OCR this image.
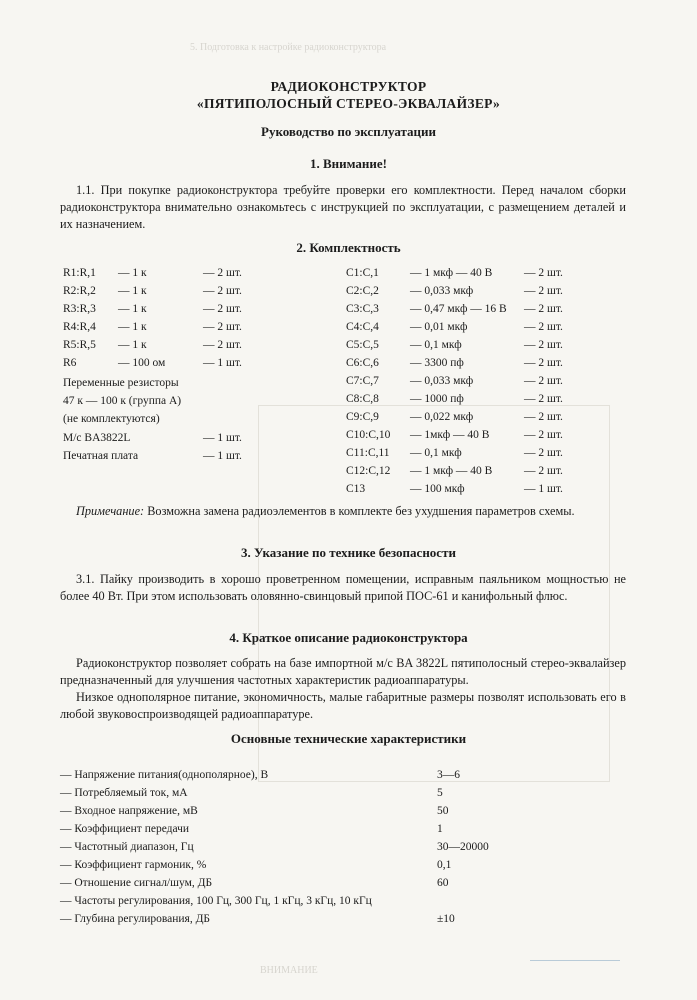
5. Подготовка к настройке радиоконструктора
ВНИМАНИЕ
РАДИОКОНСТРУКТОР
«ПЯТИПОЛОСНЫЙ СТЕРЕО-ЭКВАЛАЙЗЕР»
Руководство по эксплуатации
1. Внимание!
1.1. При покупке радиоконструктора требуйте проверки его комплектности. Перед началом сборки радиоконструктора внимательно ознакомьтесь с инструкцией по эксплуатации, с размещением деталей и их назначением.
2. Комплектность
R1:R,1 — 1 к	— 2 шт.
R2:R,2 — 1 к	— 2 шт.
R3:R,3 — 1 к	— 2 шт.
R4:R,4 — 1 к	— 2 шт.
R5:R,5 — 1 к	— 2 шт.
R6	— 100 ом	— 1 шт.
Переменные резисторы
47 к — 100 к (группа А)
(не комплектуются)
М/с BA3822L	— 1 шт.
Печатная плата	— 1 шт.
C1:C,1	— 1 мкф — 40 В	— 2 шт.
C2:C,2	— 0,033 мкф	— 2 шт.
C3:C,3	— 0,47 мкф — 16 В — 2 шт.
C4:C,4	— 0,01 мкф	— 2 шт.
C5:C,5	— 0,1 мкф	— 2 шт.
C6:C,6	— 3300 пф	— 2 шт.
C7:C,7	— 0,033 мкф	— 2 шт.
C8:C,8	— 1000 пф	— 2 шт.
C9:C,9	— 0,022 мкф	— 2 шт.
C10:C,10 — 1мкф — 40 В	— 2 шт.
C11:C,11 — 0,1 мкф	— 2 шт.
C12:C,12 — 1 мкф — 40 В	— 2 шт.
C13	— 100 мкф	— 1 шт.
Примечание: Возможна замена радиоэлементов в комплекте без ухудшения параметров схемы.
3. Указание по технике безопасности
3.1. Пайку производить в хорошо проветренном помещении, исправным паяльником мощностью не более 40 Вт. При этом использовать оловянно-свинцовый припой ПОС-61 и канифольный флюс.
4. Краткое описание радиоконструктора
Радиоконструктор позволяет собрать на базе импортной м/с BA 3822L пятиполосный стерео-эквалайзер предназначенный для улучшения частотных характеристик радиоаппаратуры.
Низкое однополярное питание, экономичность, малые габаритные размеры позволят использовать его в любой звуковоспроизводящей радиоаппаратуре.
Основные технические характеристики
— Напряжение питания(однополярное), В	3—6
— Потребляемый ток, мА	5
— Входное напряжение, мВ	50
— Коэффициент передачи	1
— Частотный диапазон, Гц	30—20000
— Коэффициент гармоник, %	0,1
— Отношение сигнал/шум, ДБ	60
— Частоты регулирования, 100 Гц, 300 Гц, 1 кГц, 3 кГц, 10 кГц
— Глубина регулирования, ДБ	±10
